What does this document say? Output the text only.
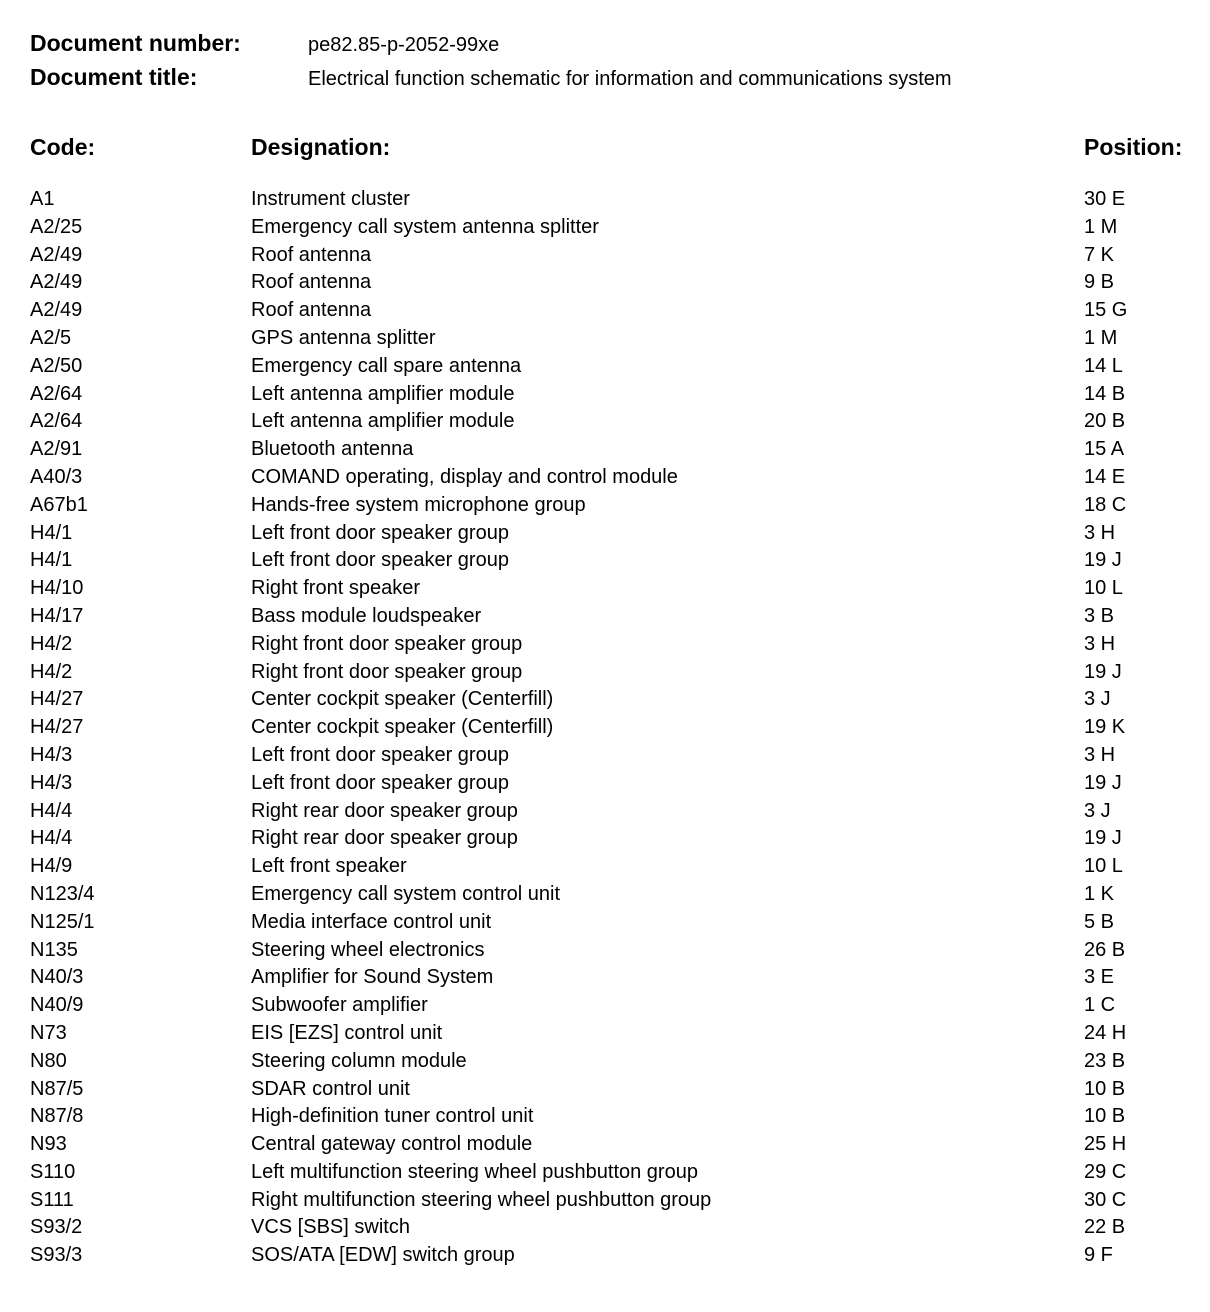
Document number:	pe82.85-p-2052-99xe
Document title:	Electrical function schematic for information and communications system
Code:	Designation:	Position:
A1	Instrument cluster	30 E
A2/25	Emergency call system antenna splitter	1 M
A2/49	Roof antenna	7 K
A2/49	Roof antenna	9 B
A2/49	Roof antenna	15 G
A2/5	GPS antenna splitter	1 M
A2/50	Emergency call spare antenna	14 L
A2/64	Left antenna amplifier module	14 B
A2/64	Left antenna amplifier module	20 B
A2/91	Bluetooth antenna	15 A
A40/3	COMAND operating, display and control module	14 E
A67b1	Hands-free system microphone group	18 C
H4/1	Left front door speaker group	3 H
H4/1	Left front door speaker group	19 J
H4/10	Right front speaker	10 L
H4/17	Bass module loudspeaker	3 B
H4/2	Right front door speaker group	3 H
H4/2	Right front door speaker group	19 J
H4/27	Center cockpit speaker (Centerfill)	3 J
H4/27	Center cockpit speaker (Centerfill)	19 K
H4/3	Left front door speaker group	3 H
H4/3	Left front door speaker group	19 J
H4/4	Right rear door speaker group	3 J
H4/4	Right rear door speaker group	19 J
H4/9	Left front speaker	10 L
N123/4	Emergency call system control unit	1 K
N125/1	Media interface control unit	5 B
N135	Steering wheel electronics	26 B
N40/3	Amplifier for Sound System	3 E
N40/9	Subwoofer amplifier	1 C
N73	EIS [EZS] control unit	24 H
N80	Steering column module	23 B
N87/5	SDAR control unit	10 B
N87/8	High-definition tuner control unit	10 B
N93	Central gateway control module	25 H
S110	Left multifunction steering wheel pushbutton group	29 C
S111	Right multifunction steering wheel pushbutton group	30 C
S93/2	VCS [SBS] switch	22 B
S93/3	SOS/ATA [EDW] switch group	9 F
